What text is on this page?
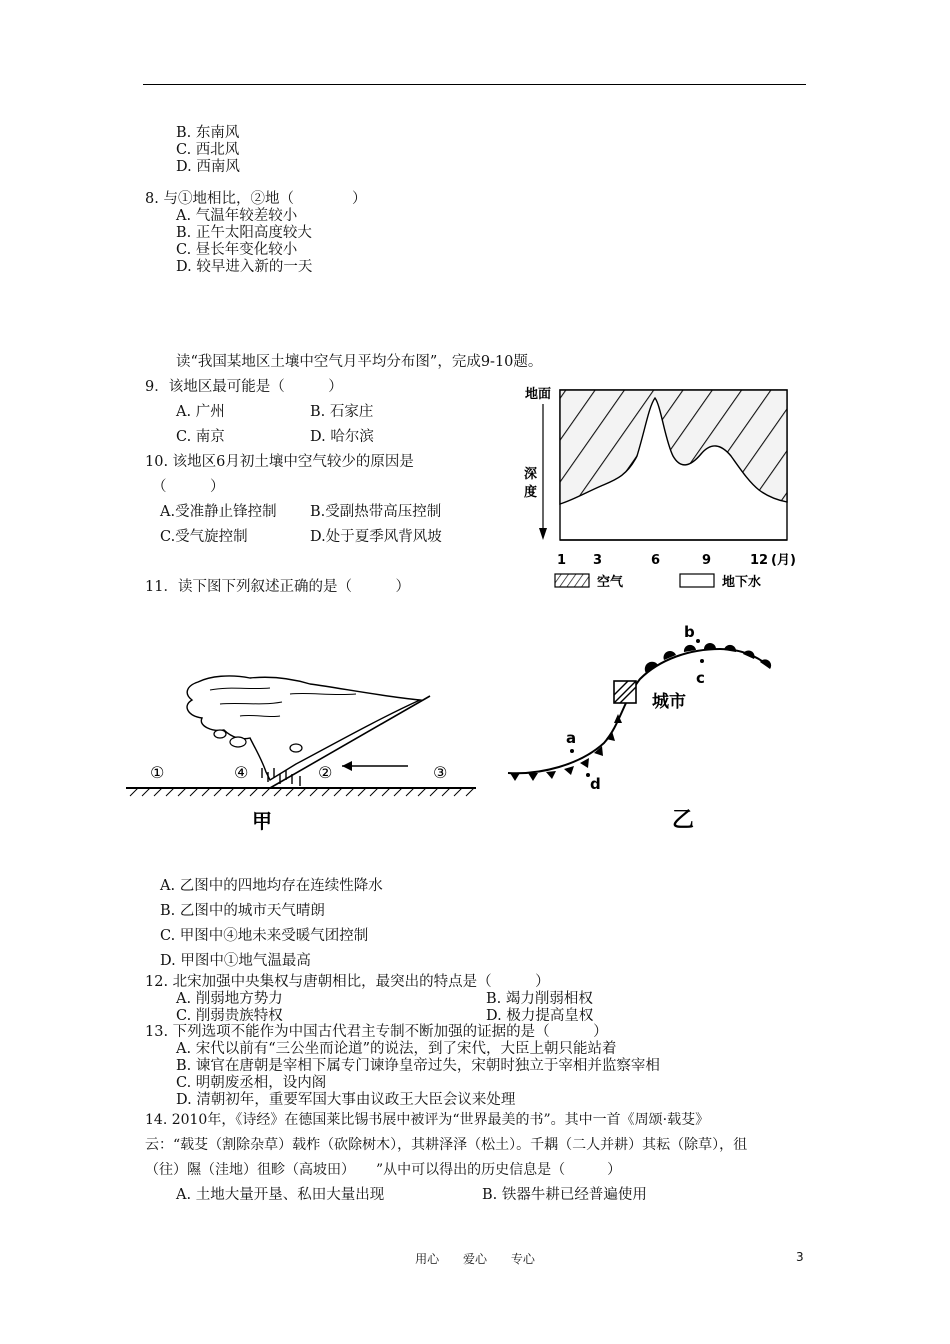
B. 东南风
C. 西北风
D. 西南风
8. 与①地相比，②地（　　　　）
A. 气温年较差较小
B. 正午太阳高度较大
C. 昼长年变化较小
D. 较早进入新的一天
读“我国某地区土壤中空气月平均分布图”，完成9-10题。
9．该地区最可能是（　　　）
A. 广州	B. 石家庄
C. 南京	D. 哈尔滨
10. 该地区6月初土壤中空气较少的原因是
（　　　）
A.受准静止锋控制 B.受副热带高压控制
C.受气旋控制	D.处于夏季风背风坡
地面
深
度
1 3	6	9	12 (月)
空气	地下水
11．读下图下列叙述正确的是（　　　）
①	④	②	③
甲
城市
b
c
a
d
乙
A. 乙图中的四地均存在连续性降水
B. 乙图中的城市天气晴朗
C. 甲图中④地未来受暖气团控制
D. 甲图中①地气温最高
12. 北宋加强中央集权与唐朝相比，最突出的特点是（　　　）
A. 削弱地方势力	B. 竭力削弱相权
C. 削弱贵族特权	D. 极力提高皇权
13. 下列选项不能作为中国古代君主专制不断加强的证据的是（　　　）
A. 宋代以前有“三公坐而论道”的说法，到了宋代，大臣上朝只能站着
B. 谏官在唐朝是宰相下属专门谏诤皇帝过失，宋朝时独立于宰相并监察宰相
C. 明朝废丞相，设内阁
D. 清朝初年，重要军国大事由议政王大臣会议来处理
14. 2010年，《诗经》在德国莱比锡书展中被评为“世界最美的书”。其中一首《周颂·载芟》
云：“载芟（割除杂草）载柞（砍除树木），其耕泽泽（松土）。千耦（二人并耕）其耘（除草），徂
（往）隰（洼地）徂畛（高坡田）　　”从中可以得出的历史信息是（　　　）
A. 土地大量开垦、私田大量出现	B. 铁器牛耕已经普遍使用
用心 爱心 专心	3
